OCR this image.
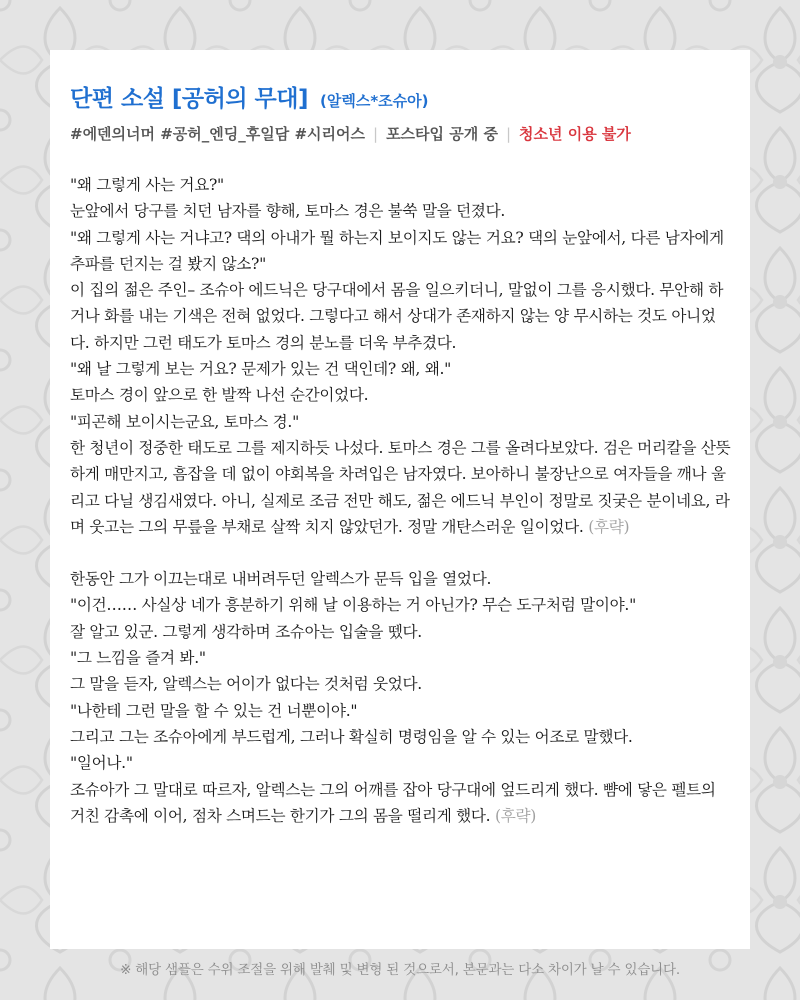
단편 소설 [공허의 무대] (알렉스*조슈아)
#에덴의너머 #공허_엔딩_후일담 #시리어스 | 포스타입 공개 중 | 청소년 이용 불가

"왜 그렇게 사는 거요?"

눈앞에서 당구를 치던 남자를 향해, 토마스 경은 불쑥 말을 던졌다.

"왜 그렇게 사는 거냐고? 댁의 아내가 뭘 하는지 보이지도 않는 거요? 댁의 눈앞에서, 다른 남자에게 추파를 던지는 걸 봤지 않소?"

이 집의 젊은 주인– 조슈아 에드닉은 당구대에서 몸을 일으키더니, 말없이 그를 응시했다. 무안해 하거나 화를 내는 기색은 전혀 없었다. 그렇다고 해서 상대가 존재하지 않는 양 무시하는 것도 아니었다. 하지만 그런 태도가 토마스 경의 분노를 더욱 부추겼다.

"왜 날 그렇게 보는 거요? 문제가 있는 건 댁인데? 왜, 왜."

토마스 경이 앞으로 한 발짝 나선 순간이었다.

"피곤해 보이시는군요, 토마스 경."

한 청년이 정중한 태도로 그를 제지하듯 나섰다. 토마스 경은 그를 올려다보았다. 검은 머리칼을 산뜻하게 매만지고, 흠잡을 데 없이 야회복을 차려입은 남자였다. 보아하니 불장난으로 여자들을 깨나 울리고 다닐 생김새였다. 아니, 실제로 조금 전만 해도, 젊은 에드닉 부인이 정말로 짓궂은 분이네요, 라며 웃고는 그의 무릎을 부채로 살짝 치지 않았던가. 정말 개탄스러운 일이었다. (후략)

한동안 그가 이끄는대로 내버려두던 알렉스가 문득 입을 열었다.

"이건…… 사실상 네가 흥분하기 위해 날 이용하는 거 아닌가? 무슨 도구처럼 말이야."

잘 알고 있군. 그렇게 생각하며 조슈아는 입술을 뗐다.

"그 느낌을 즐겨 봐."

그 말을 듣자, 알렉스는 어이가 없다는 것처럼 웃었다.

"나한테 그런 말을 할 수 있는 건 너뿐이야."

그리고 그는 조슈아에게 부드럽게, 그러나 확실히 명령임을 알 수 있는 어조로 말했다.

"일어나."

조슈아가 그 말대로 따르자, 알렉스는 그의 어깨를 잡아 당구대에 엎드리게 했다. 뺨에 닿은 펠트의 거친 감촉에 이어, 점차 스며드는 한기가 그의 몸을 떨리게 했다. (후략)

※ 해당 샘플은 수위 조절을 위해 발췌 및 변형 된 것으로서, 본문과는 다소 차이가 날 수 있습니다.
